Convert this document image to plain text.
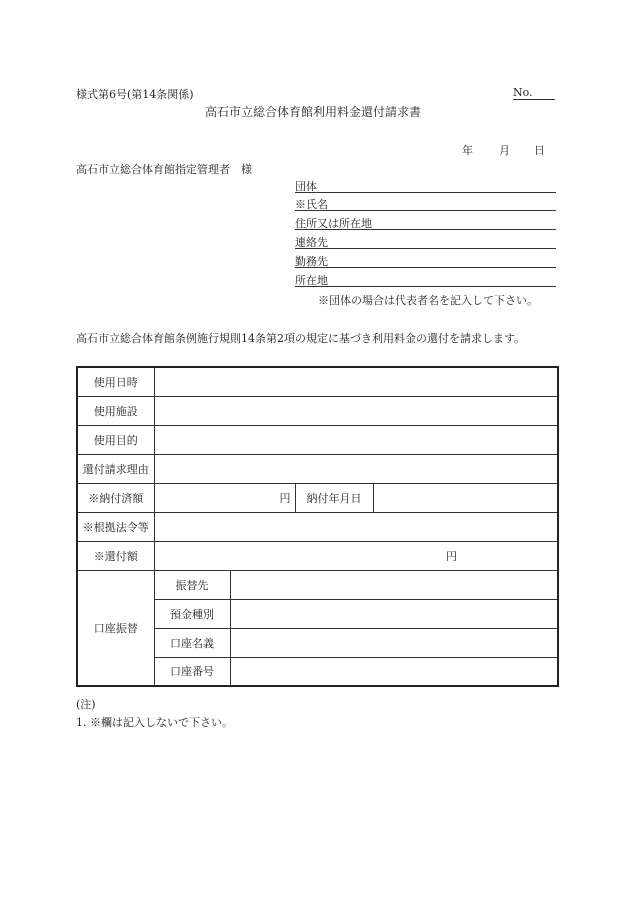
様式第6号(第14条関係)	No.
高石市立総合体育館利用料金還付請求書
年 月 日
高石市立総合体育館指定管理者　様
団体
※氏名
住所又は所在地
連絡先
勤務先
所在地
※団体の場合は代表者名を記入して下さい。
高石市立総合体育館条例施行規則14条第2項の規定に基づき利用料金の還付を請求します。
使用日時				
使用施設				
使用目的				
還付請求理由				
※納付済額	円		納付年月日	
※根拠法令等				
※還付額	円			
口座振替	振替先			
	預金種別			
	口座名義			
	口座番号			
(注)
1. ※欄は記入しないで下さい。
